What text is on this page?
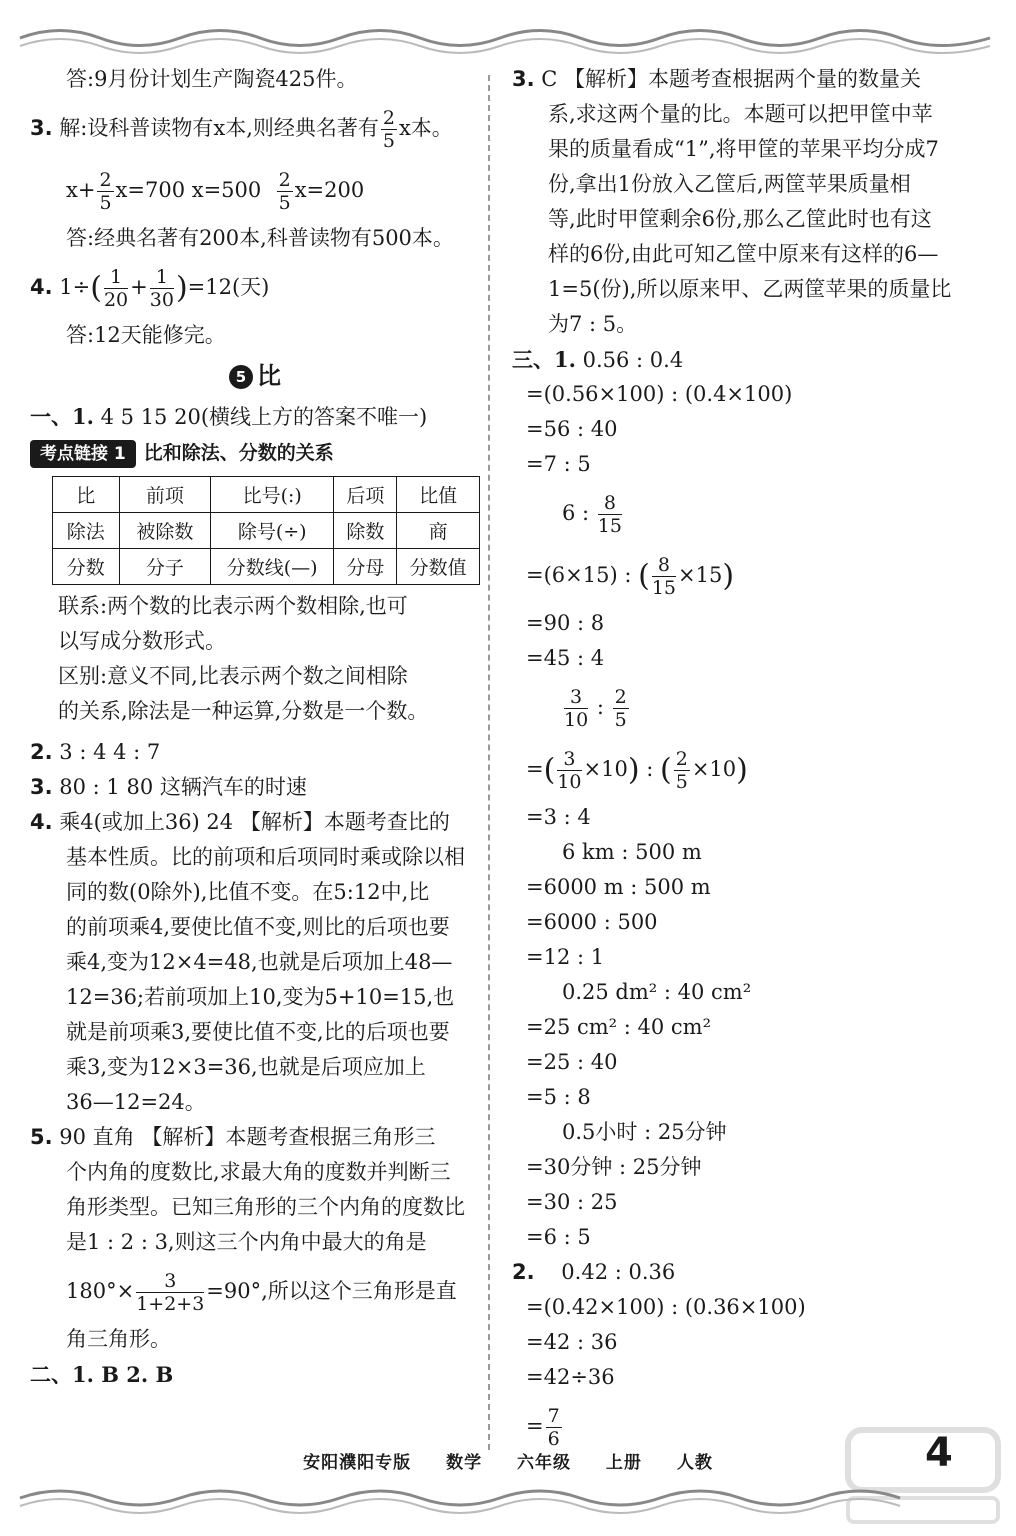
答:9月份计划生产陶瓷425件。
3. 解:设科普读物有x本,则经典名著有 $\frac{2}{5}$ x本。
$x+ \frac{2}{5} x=700$ $x=500 \frac{2}{5} x=200$
答:经典名著有200本,科普读物有500本。
4. $1\div( \frac{1}{20} + \frac{1}{30} )=12$(天)
答:12天能修完。
5 比
一、1. 4 5 15 20(横线上方的答案不唯一)
考点链接 1 比和除法、分数的关系
比	前项	比号(:)	后项	比值
除法	被除数	除号(÷)	除数	商
分数	分子	分数线(—)	分母	分数值
联系:两个数的比表示两个数相除,也可
以写成分数形式。
区别:意义不同,比表示两个数之间相除
的关系,除法是一种运算,分数是一个数。
2. 3 : 4 4 : 7
3. 80 : 1 80 这辆汽车的时速
4. 乘4(或加上36) 24 【解析】本题考查比的
基本性质。比的前项和后项同时乘或除以相
同的数(0除外),比值不变。在5:12中,比
的前项乘4,要使比值不变,则比的后项也要
乘4,变为12×4=48,也就是后项加上48—
12=36;若前项加上10,变为5+10=15,也
就是前项乘3,要使比值不变,比的后项也要
乘3,变为12×3=36,也就是后项应加上
36—12=24。
5. 90 直角 【解析】本题考查根据三角形三
个内角的度数比,求最大角的度数并判断三
角形类型。已知三角形的三个内角的度数比
是1 : 2 : 3,则这三个内角中最大的角是
$180^\circ\times \frac{3}{1+2+3} =90^\circ$,所以这个三角形是直
角三角形。
二、1. B 2. B
3. C 【解析】本题考查根据两个量的数量关
系,求这两个量的比。本题可以把甲筐中苹
果的质量看成“1”,将甲筐的苹果平均分成7
份,拿出1份放入乙筐后,两筐苹果质量相
等,此时甲筐剩余6份,那么乙筐此时也有这
样的6份,由此可知乙筐中原来有这样的6—
1=5(份),所以原来甲、乙两筐苹果的质量比
为7 : 5。
三、1. 0.56 : 0.4
=(0.56×100) : (0.4×100)
=56 : 40
=7 : 5
6 : $\frac{8}{15}$
=(6×15) : ( $\frac{8}{15} \times 15$)
=90 : 8
=45 : 4
$\frac{3}{10}$ : $\frac{2}{5}$
=( $\frac{3}{10} \times 10$) : ( $\frac{2}{5} \times 10$)
=3 : 4
6 km : 500 m
=6000 m : 500 m
=6000 : 500
=12 : 1
0.25 dm² : 40 cm²
=25 cm² : 40 cm²
=25 : 40
=5 : 8
0.5小时 : 25分钟
=30分钟 : 25分钟
=30 : 25
=6 : 5
2. 0.42 : 0.36
=(0.42×100) : (0.36×100)
=42 : 36
=42÷36
= $\frac{7}{6}$
安阳濮阳专版 数学 六年级 上册 人教	4
